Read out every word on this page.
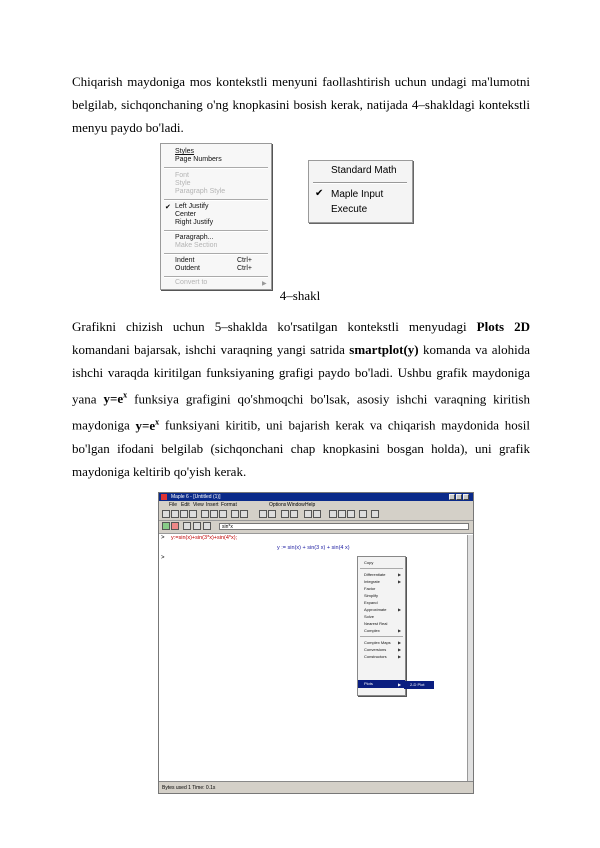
Chiqarish maydoniga mos kontekstli menyuni faollashtirish uchun undagi ma'lumotni belgilab, sichqonchaning o'ng knopkasini bosish kerak, natijada 4–shakldagi kontekstli menyu paydo bo'ladi.

Styles
Page Numbers
Font
Style
Paragraph Style
✔ Left Justify
Center
Right Justify
Paragraph...
Make Section
Indent	Ctrl+
Outdent	Ctrl+
Convert to	▶
Standard Math
✔ Maple Input
Execute
4–shakl

Grafikni chizish uchun 5–shaklda ko'rsatilgan kontekstli menyudagi Plots 2D komandani bajarsak, ishchi varaqning yangi satrida smartplot(y) komanda va alohida ishchi varaqda kiritilgan funksiyaning grafigi paydo bo'ladi. Ushbu grafik maydoniga yana $y=e^x$ funksiya grafigini qo'shmoqchi bo'lsak, asosiy ishchi varaqning kiritish maydoniga $y=e^x$ funksiyani kiritib, uni bajarish kerak va chiqarish maydonida hosil bo'lgan ifodani belgilab (sichqonchani chap knopkasini bosgan holda), uni grafik maydoniga keltirib qo'yish kerak.

Maple 6 - [Untitled (1)]
File Edit View Insert Format	Options Window Help
sin*x
> y:=sin(x)+sin(3*x)+sin(4*x);
y := sin(x) + sin(3 x) + sin(4 x)
>
Bytes used 1 Time: 0.1s
Copy
Differentiate	▶
Integrate	▶
Factor
Simplify
Expand
Approximate	▶
Solve
Nearest Real
Complex	▶
Complex Maps ▶
Conversions	▶
Constructors	▶
Plots	▶	2-D Plot
